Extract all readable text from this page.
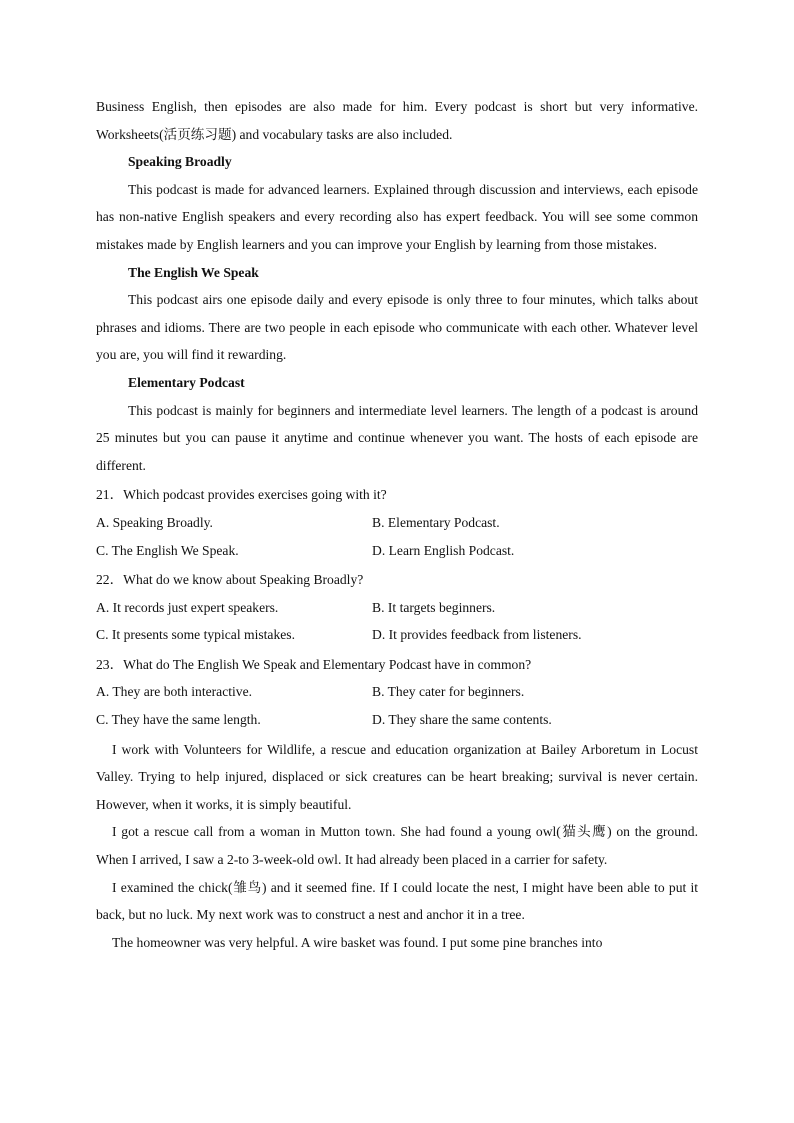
Business English, then episodes are also made for him. Every podcast is short but very informative. Worksheets(活页练习题) and vocabulary tasks are also included.

Speaking Broadly

This podcast is made for advanced learners. Explained through discussion and interviews, each episode has non-native English speakers and every recording also has expert feedback. You will see some common mistakes made by English learners and you can improve your English by learning from those mistakes.

The English We Speak

This podcast airs one episode daily and every episode is only three to four minutes, which talks about phrases and idioms. There are two people in each episode who communicate with each other. Whatever level you are, you will find it rewarding.

Elementary Podcast

This podcast is mainly for beginners and intermediate level learners. The length of a podcast is around 25 minutes but you can pause it anytime and continue whenever you want. The hosts of each episode are different.

21．Which podcast provides exercises going with it?

A. Speaking Broadly.	B. Elementary Podcast.

C. The English We Speak.	D. Learn English Podcast.

22．What do we know about Speaking Broadly?

A. It records just expert speakers.	B. It targets beginners.

C. It presents some typical mistakes.	D. It provides feedback from listeners.

23．What do The English We Speak and Elementary Podcast have in common?

A. They are both interactive.	B. They cater for beginners.

C. They have the same length.	D. They share the same contents.

I work with Volunteers for Wildlife, a rescue and education organization at Bailey Arboretum in Locust Valley. Trying to help injured, displaced or sick creatures can be heart breaking; survival is never certain. However, when it works, it is simply beautiful.

I got a rescue call from a woman in Mutton town. She had found a young owl(猫头鹰) on the ground. When I arrived, I saw a 2-to 3-week-old owl. It had already been placed in a carrier for safety.

I examined the chick(雏鸟) and it seemed fine. If I could locate the nest, I might have been able to put it back, but no luck. My next work was to construct a nest and anchor it in a tree.

The homeowner was very helpful. A wire basket was found. I put some pine branches into
